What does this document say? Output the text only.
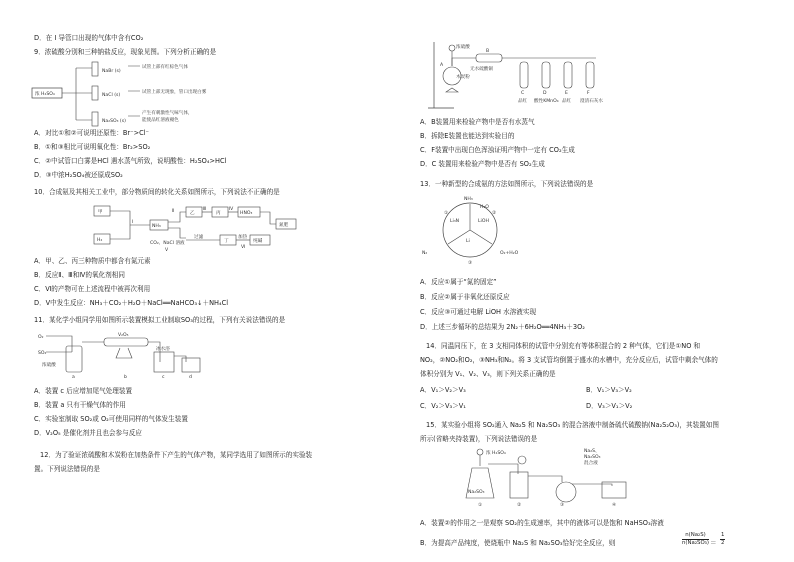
D．在 Ⅰ 导管口出现的气体中含有CO₂
9．浓硫酸分别和三种钠盐反应，现象见图。下列分析正确的是
浓 H₂SO₄
NaBr (s)
NaCl (s)
Na₂SO₃ (s)
试管上部有红棕色气体
试管上部无现象，管口出现白雾
产生有刺激性气味气体，
能使品红溶液褪色
A．对比①和②可说明还原性：Br⁻>Cl⁻
B．①和③相比可说明氧化性：Br₂>SO₂
C．②中试管口白雾是HCl 遇水蒸气所致，说明酸性：H₂SO₄>HCl
D．③中浓H₂SO₄被还原成SO₂
10．合成氨及其相关工业中，部分物质间的转化关系如图所示，下列说法不正确的是
甲
H₂
Ⅰ
NH₃
乙
Ⅲ
丙
Ⅳ
HNO₃
氮肥
CO₂、NaCl 溶液
Ⅴ
过滤
丁
加热
Ⅵ
纯碱
Ⅱ
A．甲、乙、丙三种物质中都含有氮元素
B．反应Ⅱ、Ⅲ和Ⅳ的氧化剂相同
C．Ⅵ的产物可在上述流程中被再次利用
D．Ⅴ中发生反应：NH₃＋CO₂＋H₂O＋NaCl══NaHCO₃↓＋NH₄Cl
11．某化学小组同学用如图所示装置模拟工业制取SO₃的过程，下列有关说法错误的是
O₂
SO₂
浓硫酸
a
V₂O₅
b
冰水浴
c	d
A．装置 c 后应增加尾气处理装置
B．装置 a 只有干燥气体的作用
C．实验室制取 SO₂或 O₂可使用同样的气体发生装置
D．V₂O₅ 是催化剂并且也会参与反应
12．为了验证浓硫酸和木炭粉在加热条件下产生的气体产物，某同学选用了如图所示的实验装
置。下列说法错误的是
浓硫酸
木炭粉
A
B
无水硫酸铜
C	D	E	F
品红 酸性KMnO₄ 品红 澄清石灰水
A．B装置用来检验产物中是否有水蒸气
B．拆除E装置也能达到实验目的
C．F装置中出现白色浑浊证明产物中一定有 CO₂生成
D．C 装置用来检验产物中是否有 SO₂生成
13．一种新型的合成氨的方法如图所示，下列说法错误的是
NH₃
H₂O
Li₃N	LiOH
Li
N₂	O₂+H₂O
①	②
③
A．反应①属于“氮的固定”
B．反应②属于非氧化还原反应
C．反应③可通过电解 LiOH 水溶液实现
D．上述三步循环的总结果为 2N₂＋6H₂O══4NH₃＋3O₂
14．同温同压下，在 3 支相同体积的试管中分别充有等体积混合的 2 种气体，它们是①NO 和
NO₂，②NO₂和O₂，③NH₃和N₂。将 3 支试管均倒置于盛水的水槽中，充分反应后，试管中剩余气体的
体积分别为 V₁、V₂、V₃，则下列关系正确的是
A．V₁＞V₂＞V₃	B．V₁＞V₃＞V₂
C．V₂＞V₃＞V₁	D．V₃＞V₁＞V₂
15．某实验小组将 SO₂通入 Na₂S 和 Na₂SO₃ 的混合溶液中制备硫代硫酸钠(Na₂S₂O₃)，其装置如图
所示(省略夹持装置)，下列说法错误的是
浓 H₂SO₄
Na₂SO₃
①	②	③
Na₂S、
Na₂SO₃
混合液
④
A．装置②的作用之一是观察 SO₂的生成速率，其中的液体可以是饱和 NaHSO₃溶液
B．为提高产品纯度，使烧瓶中 Na₂S 和 Na₂SO₃恰好完全反应，则	$\frac{\text{n(Na₂S)}}{\text{n(Na₂SO₃)}} = \frac{1}{2}$
